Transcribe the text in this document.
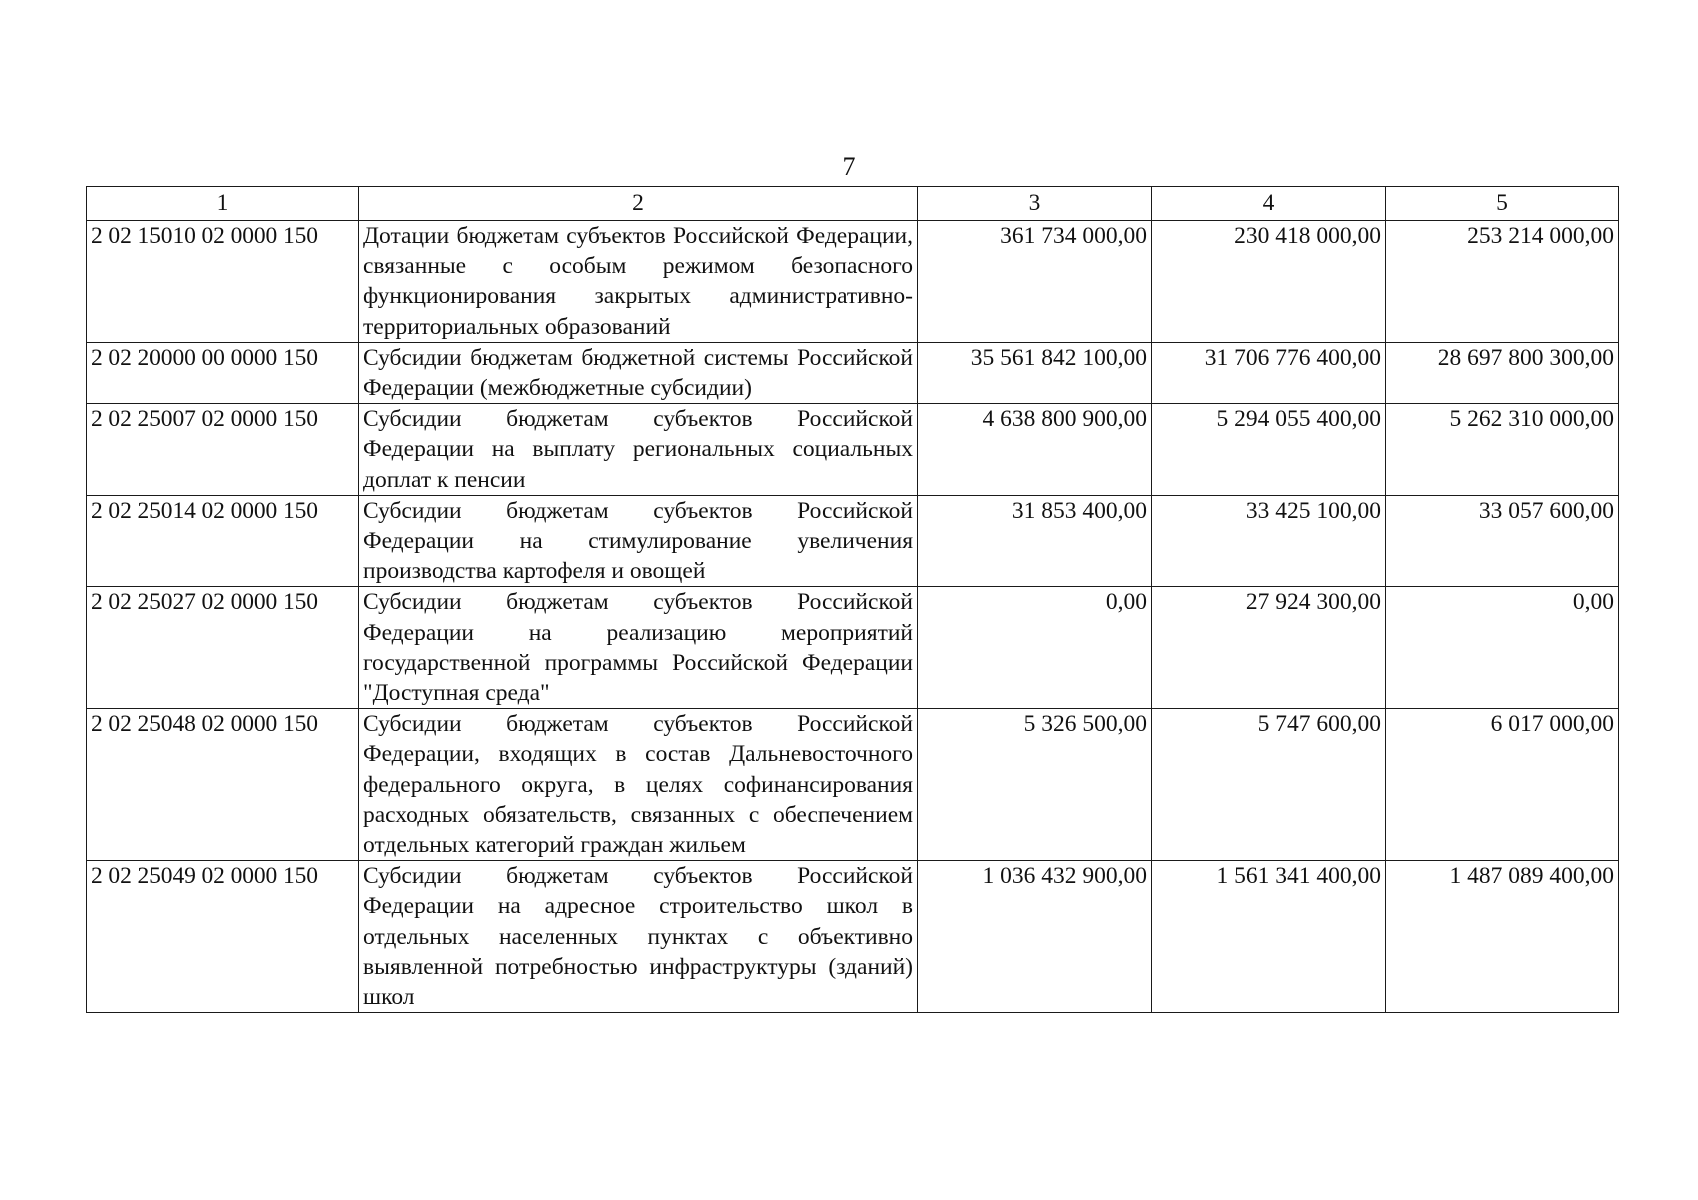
7
1	2	3	4	5
2 02 15010 02 0000 150	Дотации бюджетам субъектов Российской Федерации, связанные с особым режимом безопасного функционирования закрытых административно-территориальных образований	361 734 000,00	230 418 000,00	253 214 000,00
2 02 20000 00 0000 150	Субсидии бюджетам бюджетной системы Российской Федерации (межбюджетные субсидии)	35 561 842 100,00	31 706 776 400,00	28 697 800 300,00
2 02 25007 02 0000 150	Субсидии бюджетам субъектов Российской Федерации на выплату региональных социальных доплат к пенсии	4 638 800 900,00	5 294 055 400,00	5 262 310 000,00
2 02 25014 02 0000 150	Субсидии бюджетам субъектов Российской Федерации на стимулирование увеличения производства картофеля и овощей	31 853 400,00	33 425 100,00	33 057 600,00
2 02 25027 02 0000 150	Субсидии бюджетам субъектов Российской Федерации на реализацию мероприятий государственной программы Российской Федерации "Доступная среда"	0,00	27 924 300,00	0,00
2 02 25048 02 0000 150	Субсидии бюджетам субъектов Российской Федерации, входящих в состав Дальневосточного федерального округа, в целях софинансирования расходных обязательств, связанных с обеспечением отдельных категорий граждан жильем	5 326 500,00	5 747 600,00	6 017 000,00
2 02 25049 02 0000 150	Субсидии бюджетам субъектов Российской Федерации на адресное строительство школ в отдельных населенных пунктах с объективно выявленной потребностью инфраструктуры (зданий) школ	1 036 432 900,00	1 561 341 400,00	1 487 089 400,00
